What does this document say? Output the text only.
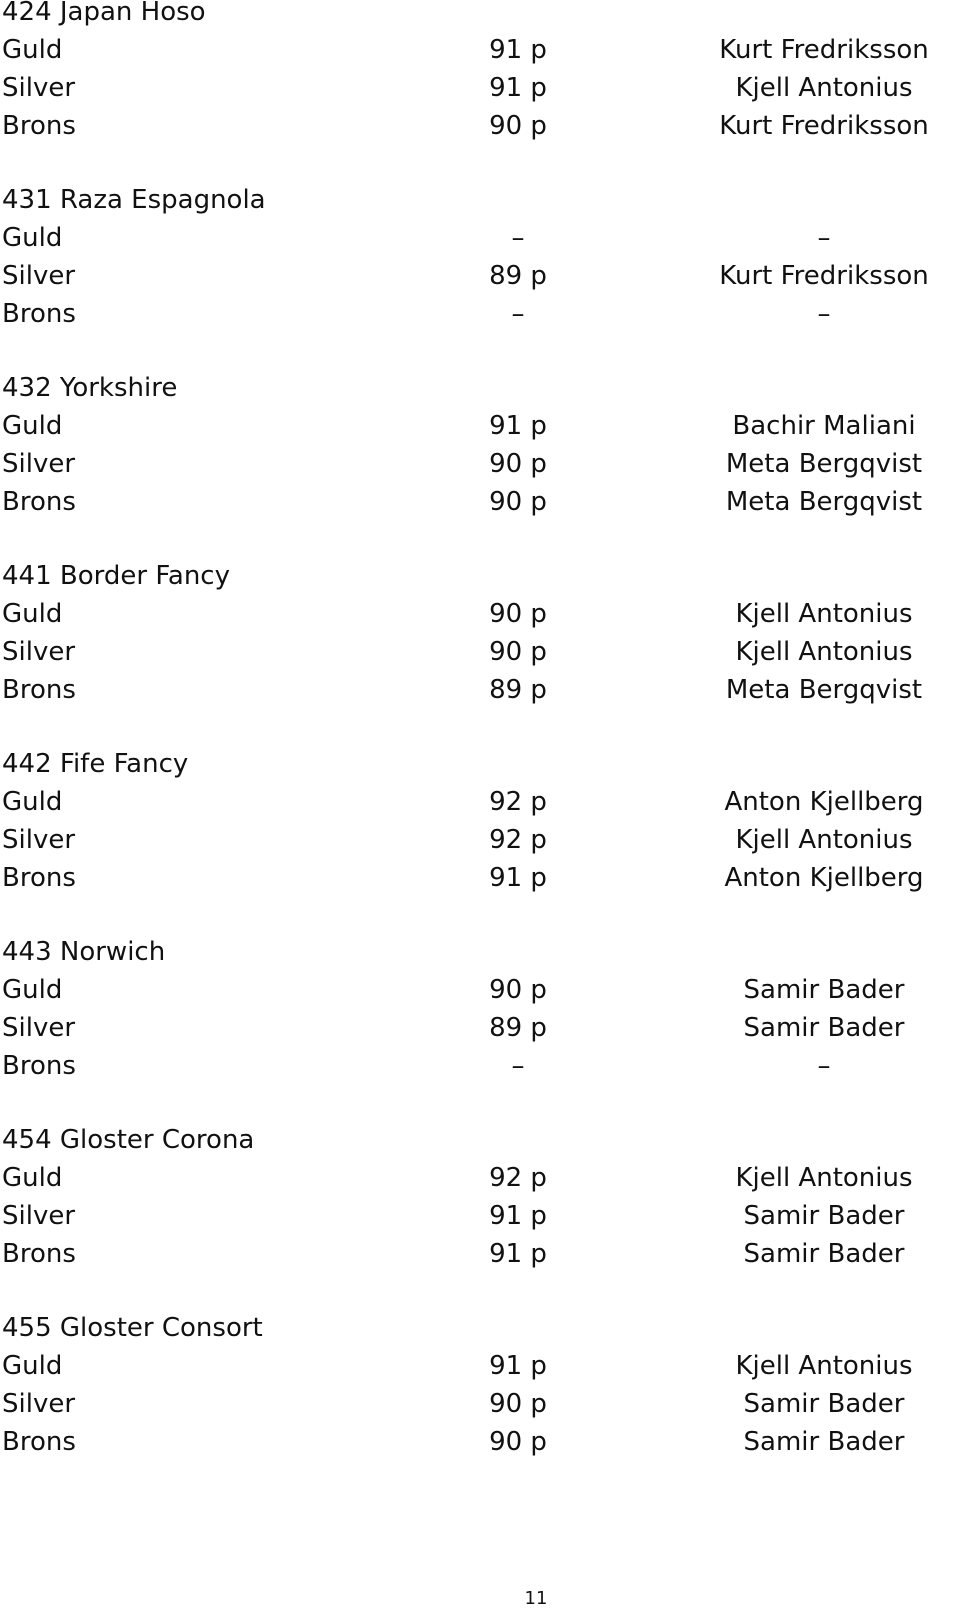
424 Japan Hoso
Guld	91 p	Kurt Fredriksson
Silver	91 p	Kjell Antonius
Brons	90 p	Kurt Fredriksson
431 Raza Espagnola
Guld	–	–
Silver	89 p	Kurt Fredriksson
Brons	–	–
432 Yorkshire
Guld	91 p	Bachir Maliani
Silver	90 p	Meta Bergqvist
Brons	90 p	Meta Bergqvist
441 Border Fancy
Guld	90 p	Kjell Antonius
Silver	90 p	Kjell Antonius
Brons	89 p	Meta Bergqvist
442 Fife Fancy
Guld	92 p	Anton Kjellberg
Silver	92 p	Kjell Antonius
Brons	91 p	Anton Kjellberg
443 Norwich
Guld	90 p	Samir Bader
Silver	89 p	Samir Bader
Brons	–	–
454 Gloster Corona
Guld	92 p	Kjell Antonius
Silver	91 p	Samir Bader
Brons	91 p	Samir Bader
455 Gloster Consort
Guld	91 p	Kjell Antonius
Silver	90 p	Samir Bader
Brons	90 p	Samir Bader
11
